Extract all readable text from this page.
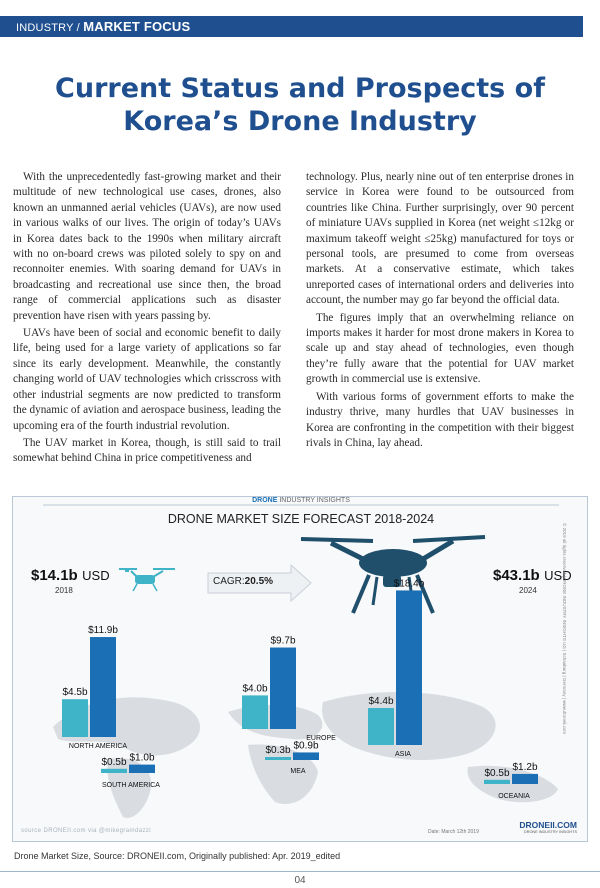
INDUSTRY / MARKET FOCUS
Current Status and Prospects of
Korea’s Drone Industry

With the unprecedentedly fast-growing market and their multitude of new technological use cases, drones, also known an unmanned aerial vehicles (UAVs), are now used in various walks of our lives. The origin of today’s UAVs in Korea dates back to the 1990s when military aircraft with no on-board crews was piloted solely to spy on and reconnoiter enemies. With soaring demand for UAVs in broadcasting and recreational use since then, the broad range of commercial applications such as disaster prevention have risen with years passing by.

UAVs have been of social and economic benefit to daily life, being used for a large variety of applications so far since its early development. Meanwhile, the constantly changing world of UAV technologies which crisscross with other industrial segments are now predicted to transform the dynamic of aviation and aerospace business, leading the upcoming era of the fourth industrial revolution.

The UAV market in Korea, though, is still said to trail somewhat behind China in price competitiveness and

technology. Plus, nearly nine out of ten enterprise drones in service in Korea were found to be outsourced from countries like China. Further surprisingly, over 90 percent of miniature UAVs supplied in Korea (net weight ≤12kg or maximum takeoff weight ≤25kg) manufactured for toys or personal tools, are presumed to come from overseas markets. At a conservative estimate, which takes unreported cases of international orders and deliveries into account, the number may go far beyond the official data.

The figures imply that an overwhelming reliance on imports makes it harder for most drone makers in Korea to scale up and stay ahead of technologies, even though they’re fully aware that the potential for UAV market growth in commercial use is extensive.

With various forms of government efforts to make the industry thrive, many hurdles that UAV businesses in Korea are confronting in the competition with their biggest rivals in China, lay ahead.

$4.5b
$11.9b
NORTH AMERICA
$0.5b $1.0b
SOUTH AMERICA
$4.0b
$9.7b
EUROPE
$0.3b $0.9b
MEA
$4.4b
$18.4b
ASIA
$0.5b
$1.2b
OCEANIA
DRONE INDUSTRY INSIGHTS
DRONE MARKET SIZE FORECAST 2018-2024
$14.1b USD
2018
$43.1b USD
2024
CAGR:20.5%	© 2019 all rights reserved | DRONE INDUSTRY INSIGHTS UG | Schauburg | Germany | www.droneii.com
source DRONEII.com via @mikegraindazzi	Date: March 12th 2019
DRONEII.COM
DRONE INDUSTRY INSIGHTS
Drone Market Size, Source: DRONEII.com, Originally published: Apr. 2019_edited
04
